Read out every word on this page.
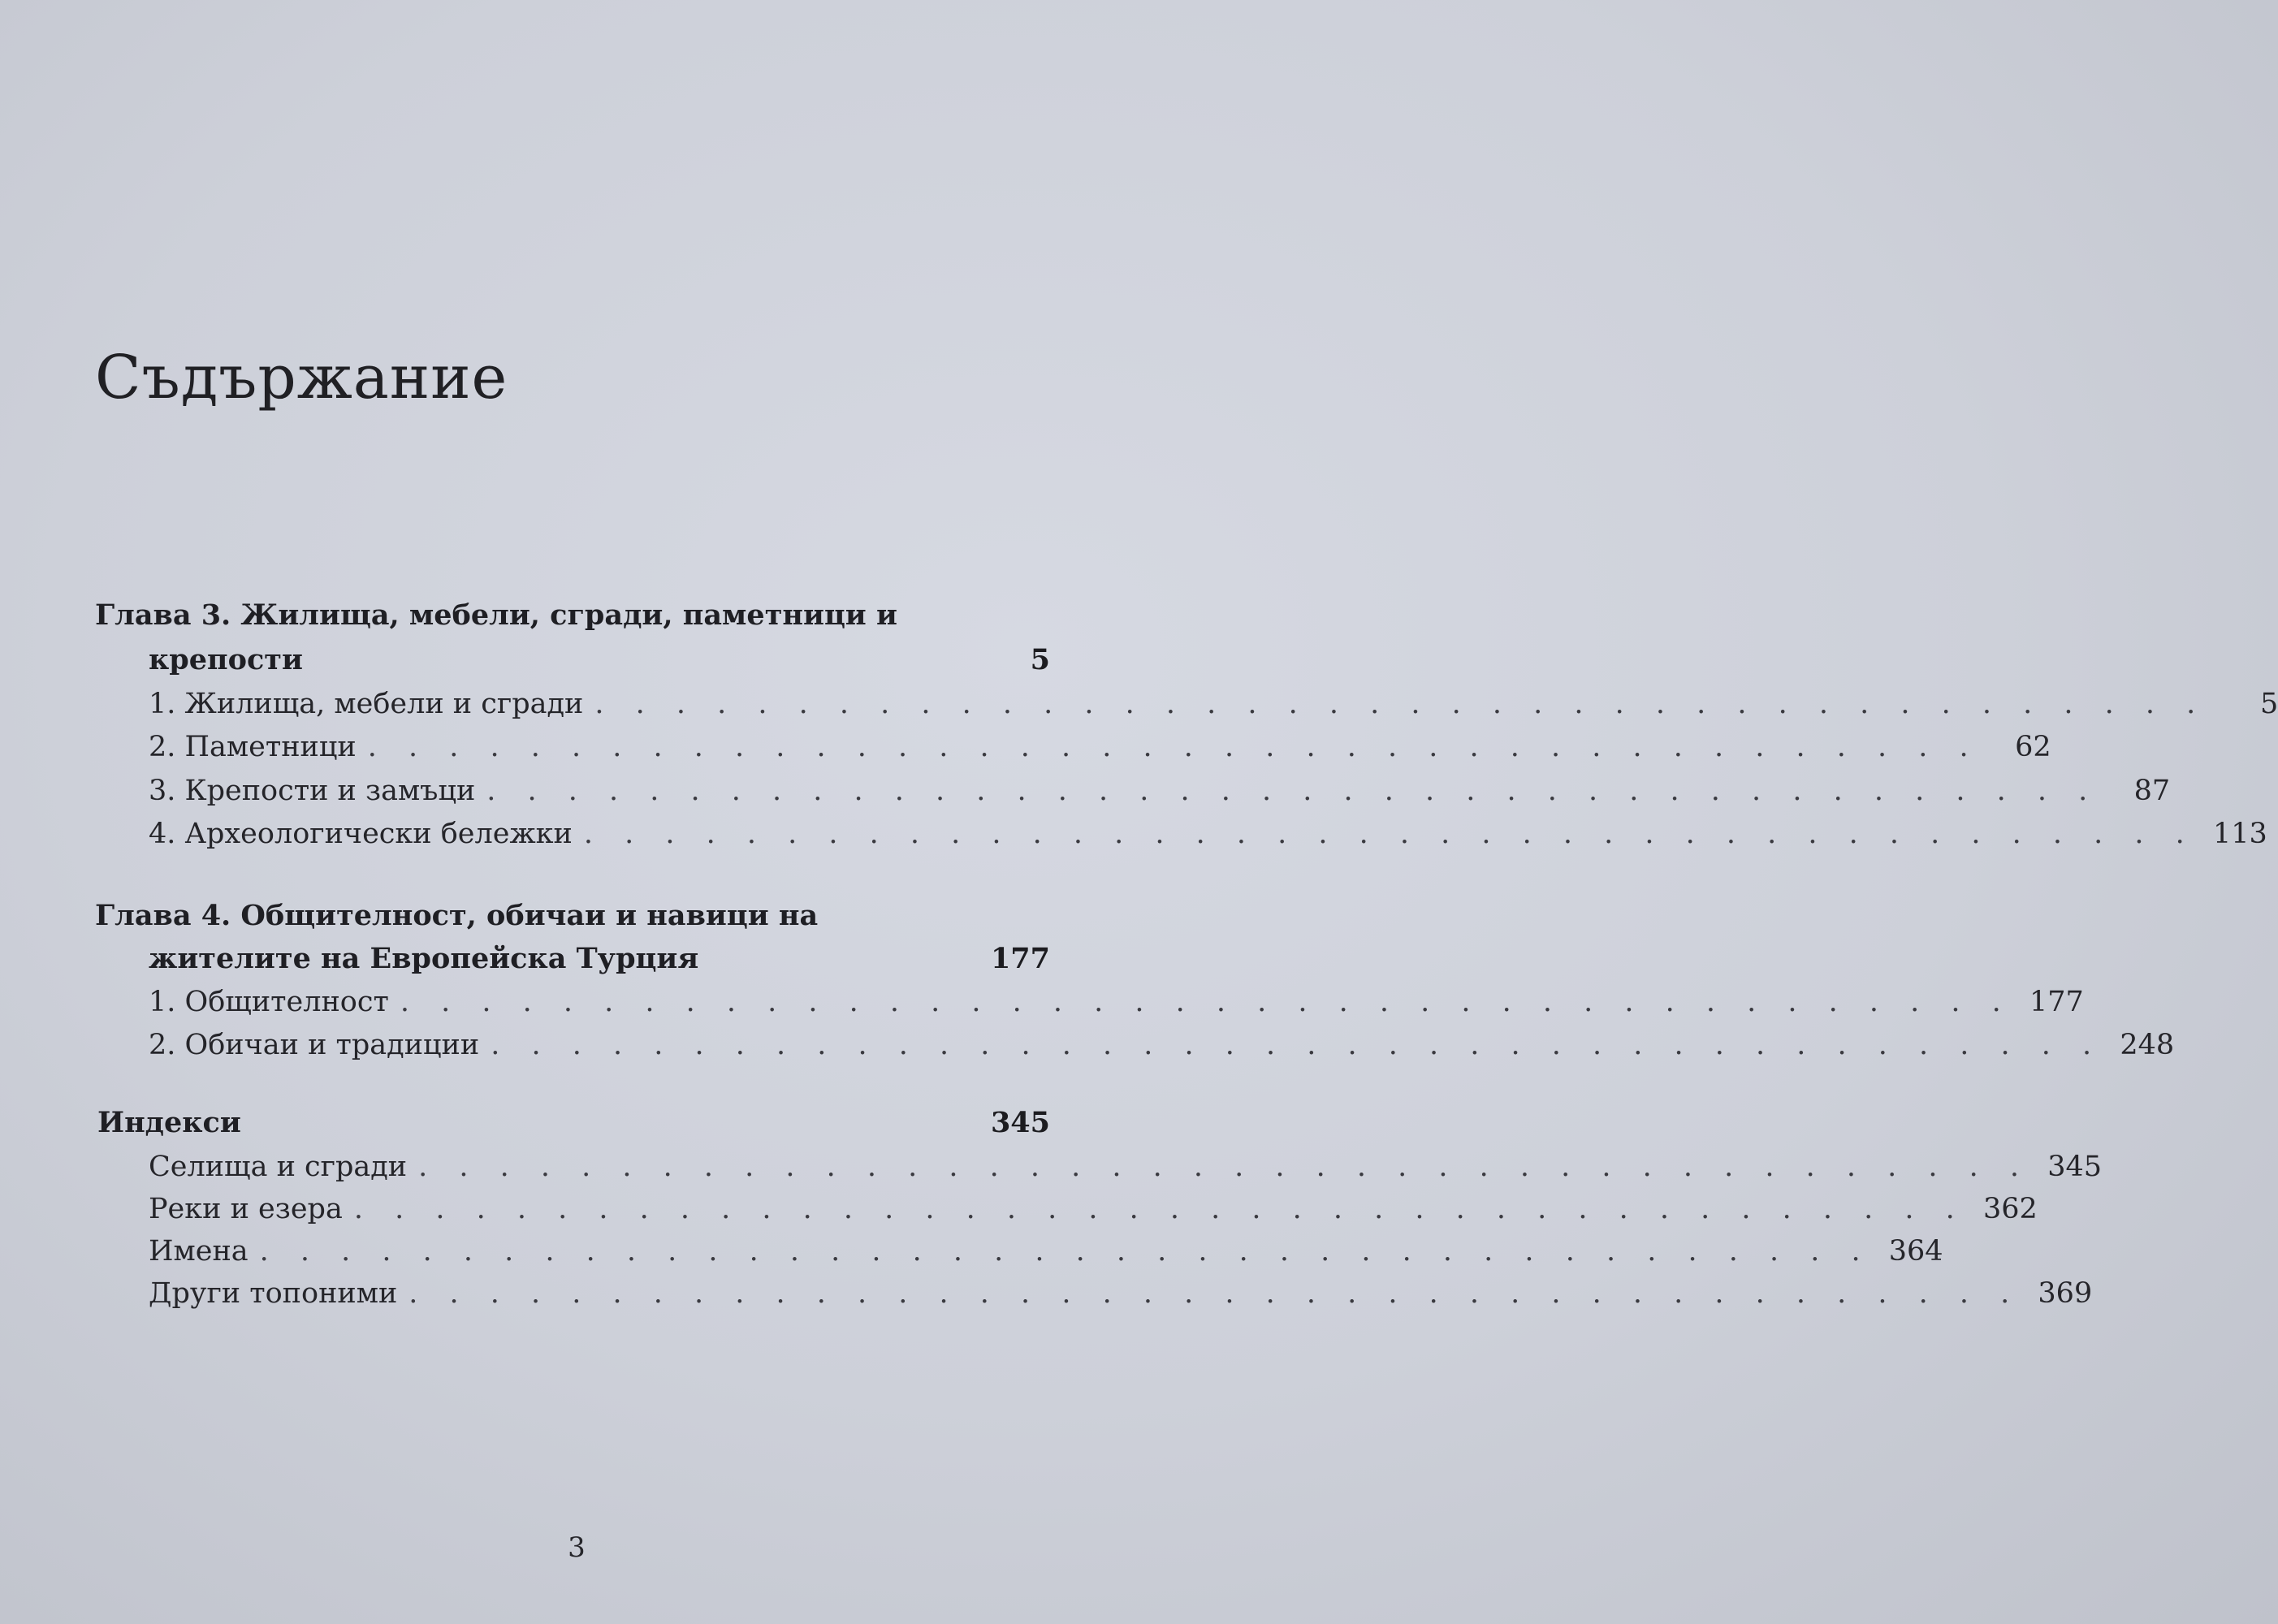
Съдържание
Глава 3. Жилища, мебели, сгради, паметници и
крепости	5
1. Жилища, мебели и сгради . . . . . . . . . . . . . . . . . . . . . . . . . . . . . . . . . . . . . . . .	5
2. Паметници . . . . . . . . . . . . . . . . . . . . . . . . . . . . . . . . . . . . . . . .	62
3. Крепости и замъци . . . . . . . . . . . . . . . . . . . . . . . . . . . . . . . . . . . . . . . .	87
4. Археологически бележки . . . . . . . . . . . . . . . . . . . . . . . . . . . . . . . . . . . . . . . . 113
Глава 4. Общителност, обичаи и навици на
жителите на Европейска Турция	177
1. Общителност . . . . . . . . . . . . . . . . . . . . . . . . . . . . . . . . . . . . . . . . 177
2. Обичаи и традиции . . . . . . . . . . . . . . . . . . . . . . . . . . . . . . . . . . . . . . . . 248
Индекси	345
Селища и сгради . . . . . . . . . . . . . . . . . . . . . . . . . . . . . . . . . . . . . . . . 345
Реки и езера . . . . . . . . . . . . . . . . . . . . . . . . . . . . . . . . . . . . . . . . 362
Имена . . . . . . . . . . . . . . . . . . . . . . . . . . . . . . . . . . . . . . . . 364
Други топоними . . . . . . . . . . . . . . . . . . . . . . . . . . . . . . . . . . . . . . . . 369
3
